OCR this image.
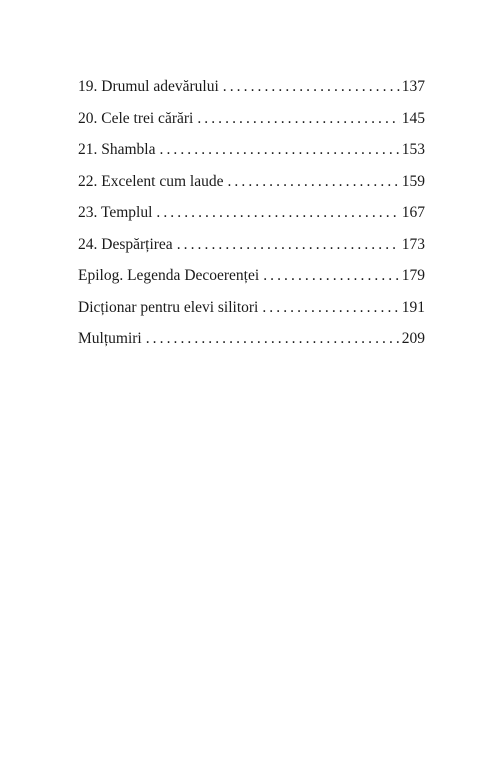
19. Drumul adevărului . . .	137
20. Cele trei cărări . . .	145
21. Shambla . . .	153
22. Excelent cum laude . . .	159
23. Templul . . .	167
24. Despărțirea . . .	173
Epilog. Legenda Decoerenței . . .	179
Dicționar pentru elevi silitori . . .	191
Mulțumiri . . .	209
